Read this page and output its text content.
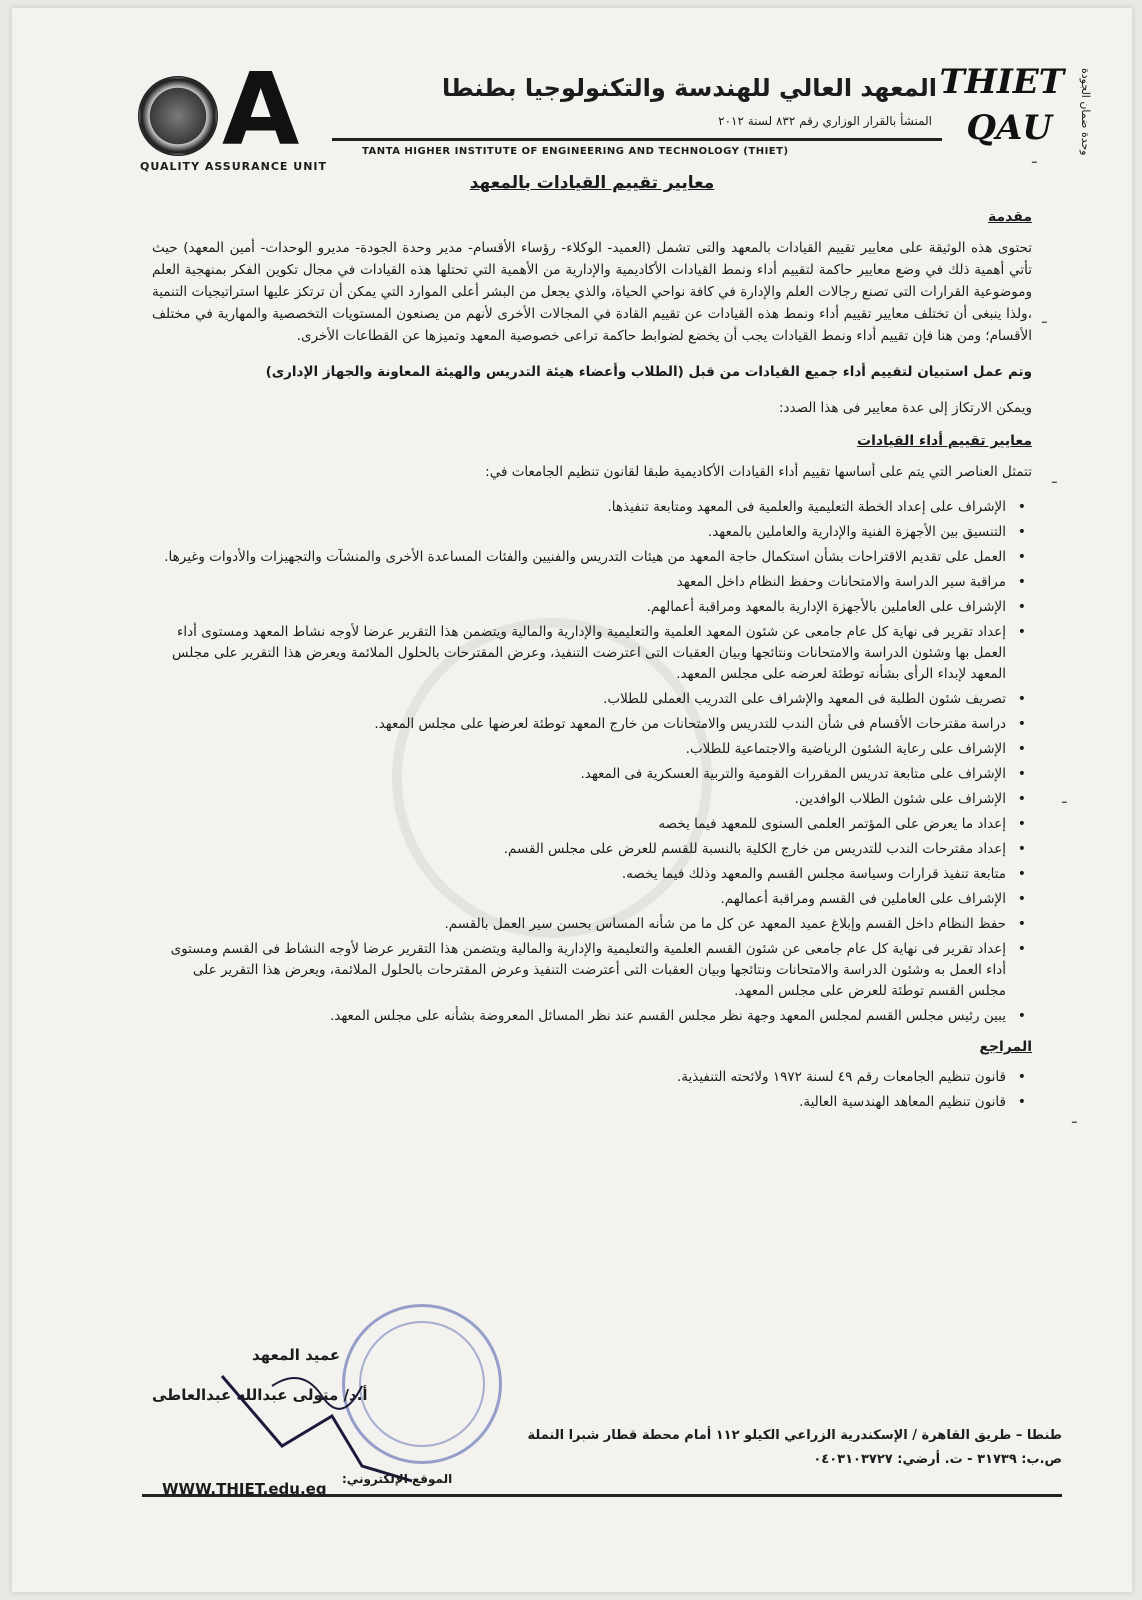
A
QUALITY ASSURANCE UNIT
المعهد العالي للهندسة والتكنولوجيا بطنطا
المنشأ بالقرار الوزاري رقم ٨٣٢ لسنة ٢٠١٢
TANTA HIGHER INSTITUTE OF ENGINEERING AND TECHNOLOGY (THIET)
THIET
QAU وحدة ضمان الجودة
معايير تقييم القيادات بالمعهد
مقدمة

تحتوى هذه الوثيقة على معايير تقييم القيادات بالمعهد والتى تشمل (العميد- الوكلاء- رؤساء الأقسام- مدير وحدة الجودة- مديرو الوحدات- أمين المعهد) حيث تأتي أهمية ذلك في وضع معايير حاكمة لتقييم أداء ونمط القيادات الأكاديمية والإدارية من الأهمية التي تحتلها هذه القيادات في مجال تكوين الفكر بمنهجية العلم وموضوعية القرارات التى تصنع رجالات العلم والإدارة في كافة نواحي الحياة، والذي يجعل من البشر أعلى الموارد التي يمكن أن ترتكز عليها استراتيجيات التنمية ،ولذا ينبغى أن تختلف معايير تقييم أداء ونمط هذه القيادات عن تقييم القادة في المجالات الأخرى لأنهم من يصنعون المستويات التخصصية والمهارية في مختلف الأقسام؛ ومن هنا فإن تقييم أداء ونمط القيادات يجب أن يخضع لضوابط حاكمة تراعى خصوصية المعهد وتميزها عن القطاعات الأخرى.

وتم عمل استبيان لتقييم أداء جميع القيادات من قبل (الطلاب وأعضاء هيئة التدريس والهيئة المعاونة والجهاز الإدارى)

ويمكن الارتكاز إلى عدة معايير فى هذا الصدد:

معايير تقييم أداء القيادات

تتمثل العناصر التي يتم على أساسها تقييم أداء القيادات الأكاديمية طبقا لقانون تنظيم الجامعات في:

• الإشراف على إعداد الخطة التعليمية والعلمية فى المعهد ومتابعة تنفيذها.
• التنسيق بين الأجهزة الفنية والإدارية والعاملين بالمعهد.
• العمل على تقديم الاقتراحات بشأن استكمال حاجة المعهد من هيئات التدريس والفنيين والفئات المساعدة الأخرى والمنشآت والتجهيزات والأدوات وغيرها.
• مراقبة سير الدراسة والامتحانات وحفظ النظام داخل المعهد
• الإشراف على العاملين بالأجهزة الإدارية بالمعهد ومراقبة أعمالهم.
• إعداد تقرير فى نهاية كل عام جامعى عن شئون المعهد العلمية والتعليمية والإدارية والمالية ويتضمن هذا التقرير عرضا لأوجه نشاط المعهد ومستوى أداء العمل بها وشئون الدراسة والامتحانات ونتائجها وبيان العقبات التى اعترضت التنفيذ، وعرض المقترحات بالحلول الملائمة ويعرض هذا التقرير على مجلس المعهد لإبداء الرأى بشأنه توطئة لعرضه على مجلس المعهد.
• تصريف شئون الطلبة فى المعهد والإشراف على التدريب العملى للطلاب.
• دراسة مقترحات الأقسام فى شأن الندب للتدريس والامتحانات من خارج المعهد توطئة لعرضها على مجلس المعهد.
• الإشراف على رعاية الشئون الرياضية والاجتماعية للطلاب.
• الإشراف على متابعة تدريس المقررات القومية والتربية العسكرية فى المعهد.
• الإشراف على شئون الطلاب الوافدين.
• إعداد ما يعرض على المؤتمر العلمى السنوى للمعهد فيما يخصه
• إعداد مقترحات الندب للتدريس من خارج الكلية بالنسبة للقسم للعرض على مجلس القسم.
• متابعة تنفيذ قرارات وسياسة مجلس القسم والمعهد وذلك فيما يخصه.
• الإشراف على العاملين فى القسم ومراقبة أعمالهم.
• حفظ النظام داخل القسم وإبلاغ عميد المعهد عن كل ما من شأنه المساس بحسن سير العمل بالقسم.
• إعداد تقرير فى نهاية كل عام جامعى عن شئون القسم العلمية والتعليمية والإدارية والمالية ويتضمن هذا التقرير عرضا لأوجه النشاط فى القسم ومستوى أداء العمل به وشئون الدراسة والامتحانات ونتائجها وبيان العقبات التى أعترضت التنفيذ وعرض المقترحات بالحلول الملائمة، ويعرض هذا التقرير على مجلس القسم توطئة للعرض على مجلس المعهد.
• يبين رئيس مجلس القسم لمجلس المعهد وجهة نظر مجلس القسم عند نظر المسائل المعروضة بشأنه على مجلس المعهد.
المراجع
• قانون تنظيم الجامعات رقم ٤٩ لسنة ١٩٧٢ ولائحته التنفيذية.
• قانون تنظيم المعاهد الهندسية العالية.
عميد المعهد
أ.د/ متولى عبدالله عبدالعاطى
طنطا – طريق القاهرة / الإسكندرية الزراعي الكيلو ١١٢ أمام محطة قطار شبرا النملة
ص.ب: ٣١٧٣٩ - ت. أرضي: ٠٤٠٣١٠٣٧٢٧
الموقع الإلكتروني:
WWW.THIET.edu.eg
ـ
ـ
ـ
ـ
ـ
